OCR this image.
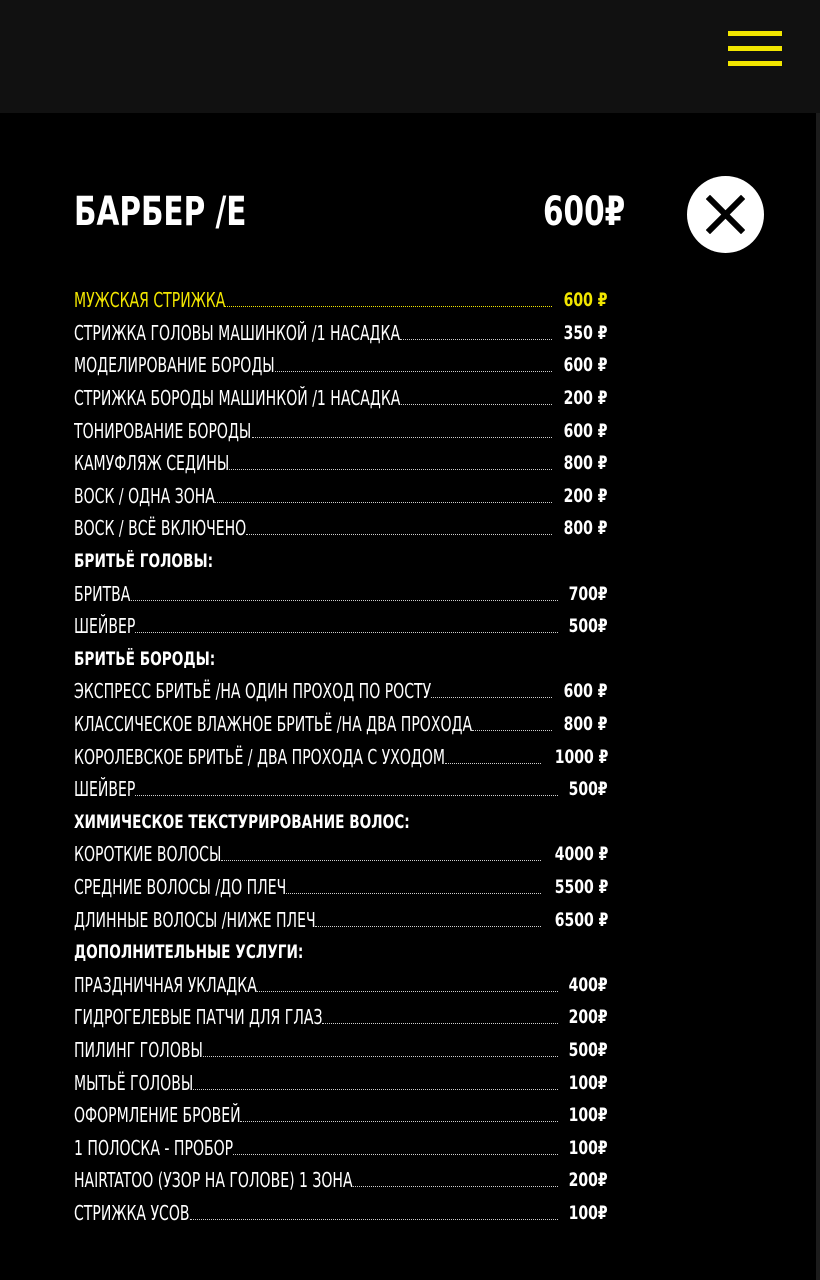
БАРБЕР /Е	600₽
МУЖСКАЯ СТРИЖКА	600 ₽
СТРИЖКА ГОЛОВЫ МАШИНКОЙ /1 НАСАДКА	350 ₽
МОДЕЛИРОВАНИЕ БОРОДЫ	600 ₽
СТРИЖКА БОРОДЫ МАШИНКОЙ /1 НАСАДКА	200 ₽
ТОНИРОВАНИЕ БОРОДЫ	600 ₽
КАМУФЛЯЖ СЕДИНЫ	800 ₽
ВОСК / ОДНА ЗОНА	200 ₽
ВОСК / ВСЁ ВКЛЮЧЕНО	800 ₽
БРИТЬЁ ГОЛОВЫ:
БРИТВА	700₽
ШЕЙВЕР	500₽
БРИТЬЁ БОРОДЫ:
ЭКСПРЕСС БРИТЬЁ /НА ОДИН ПРОХОД ПО РОСТУ	600 ₽
КЛАССИЧЕСКОЕ ВЛАЖНОЕ БРИТЬЁ /НА ДВА ПРОХОДА	800 ₽
КОРОЛЕВСКОЕ БРИТЬЁ / ДВА ПРОХОДА С УХОДОМ	1000 ₽
ШЕЙВЕР	500₽
ХИМИЧЕСКОЕ ТЕКСТУРИРОВАНИЕ ВОЛОС:
КОРОТКИЕ ВОЛОСЫ	4000 ₽
СРЕДНИЕ ВОЛОСЫ /ДО ПЛЕЧ	5500 ₽
ДЛИННЫЕ ВОЛОСЫ /НИЖЕ ПЛЕЧ	6500 ₽
ДОПОЛНИТЕЛЬНЫЕ УСЛУГИ:
ПРАЗДНИЧНАЯ УКЛАДКА	400₽
ГИДРОГЕЛЕВЫЕ ПАТЧИ ДЛЯ ГЛАЗ	200₽
ПИЛИНГ ГОЛОВЫ	500₽
МЫТЬЁ ГОЛОВЫ	100₽
ОФОРМЛЕНИЕ БРОВЕЙ	100₽
1 ПОЛОСКА - ПРОБОР	100₽
HAIRTATOO (УЗОР НА ГОЛОВЕ) 1 ЗОНА	200₽
СТРИЖКА УСОВ	100₽
